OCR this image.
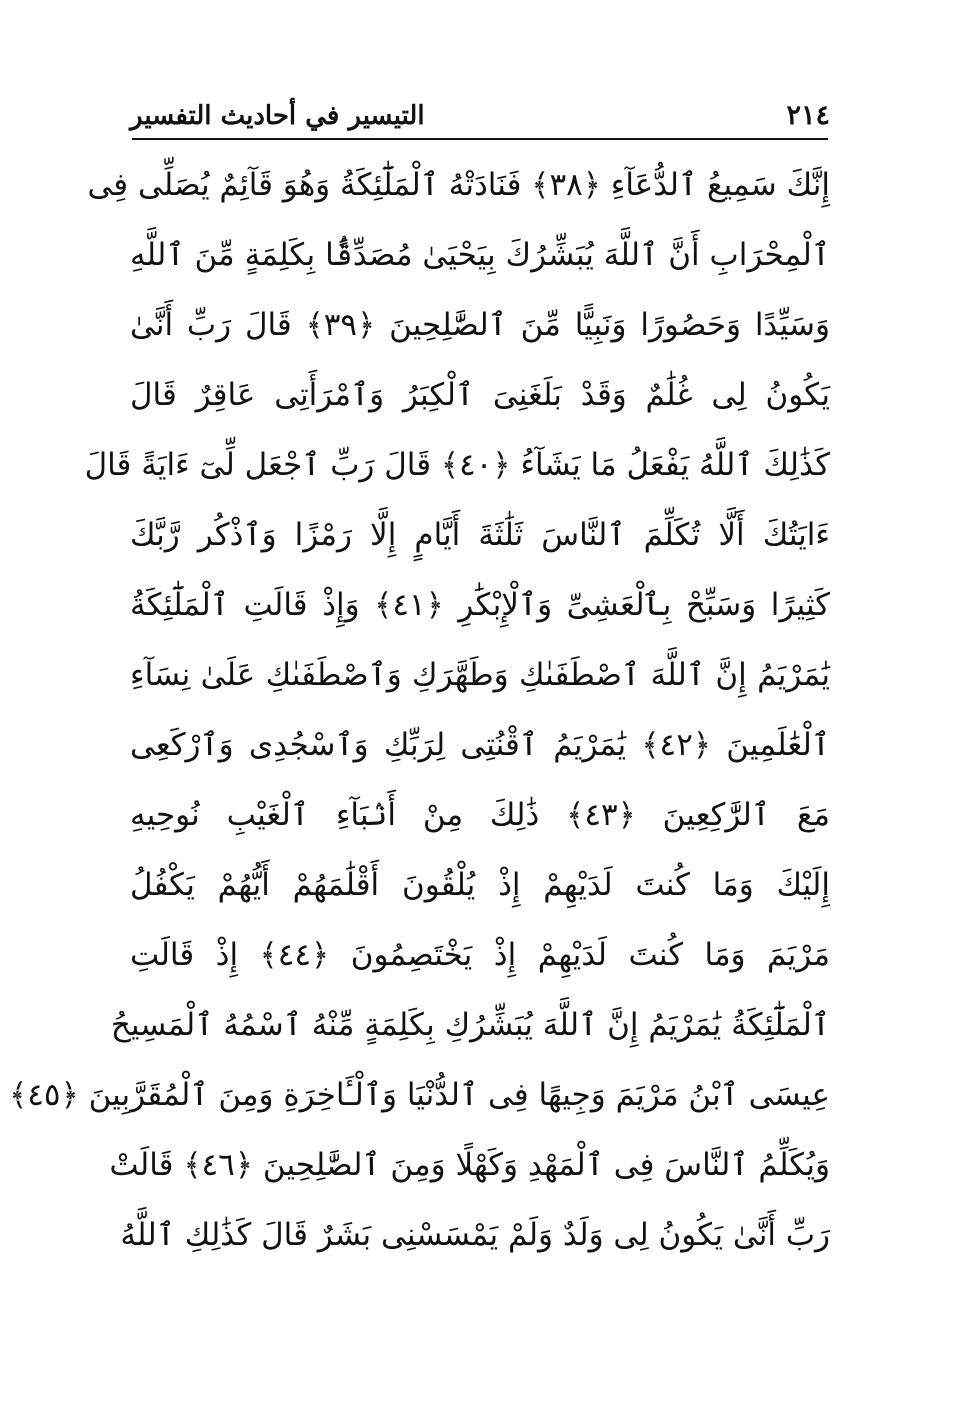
٢١٤
التيسير في أحاديث التفسير
إِنَّكَ سَمِيعُ ٱلدُّعَآءِ ﴿٣٨﴾ فَنَادَتْهُ ٱلْمَلَٰٓئِكَةُ وَهُوَ قَآئِمٌ يُصَلِّى فِى
ٱلْمِحْرَابِ أَنَّ ٱللَّهَ يُبَشِّرُكَ بِيَحْيَىٰ مُصَدِّقًۢا بِكَلِمَةٍ مِّنَ ٱللَّهِ
وَسَيِّدًا وَحَصُورًا وَنَبِيًّا مِّنَ ٱلصَّٰلِحِينَ ﴿٣٩﴾ قَالَ رَبِّ أَنَّىٰ
يَكُونُ لِى غُلَٰمٌ وَقَدْ بَلَغَنِىَ ٱلْكِبَرُ وَٱمْرَأَتِى عَاقِرٌ قَالَ
كَذَٰلِكَ ٱللَّهُ يَفْعَلُ مَا يَشَآءُ ﴿٤٠﴾ قَالَ رَبِّ ٱجْعَل لِّىٓ ءَايَةً قَالَ
ءَايَتُكَ أَلَّا تُكَلِّمَ ٱلنَّاسَ ثَلَٰثَةَ أَيَّامٍ إِلَّا رَمْزًا وَٱذْكُر رَّبَّكَ
كَثِيرًا وَسَبِّحْ بِٱلْعَشِىِّ وَٱلْإِبْكَٰرِ ﴿٤١﴾ وَإِذْ قَالَتِ ٱلْمَلَٰٓئِكَةُ
يَٰمَرْيَمُ إِنَّ ٱللَّهَ ٱصْطَفَىٰكِ وَطَهَّرَكِ وَٱصْطَفَىٰكِ عَلَىٰ نِسَآءِ
ٱلْعَٰلَمِينَ ﴿٤٢﴾ يَٰمَرْيَمُ ٱقْنُتِى لِرَبِّكِ وَٱسْجُدِى وَٱرْكَعِى
مَعَ ٱلرَّٰكِعِينَ ﴿٤٣﴾ ذَٰلِكَ مِنْ أَنۢبَآءِ ٱلْغَيْبِ نُوحِيهِ
إِلَيْكَ وَمَا كُنتَ لَدَيْهِمْ إِذْ يُلْقُونَ أَقْلَٰمَهُمْ أَيُّهُمْ يَكْفُلُ
مَرْيَمَ وَمَا كُنتَ لَدَيْهِمْ إِذْ يَخْتَصِمُونَ ﴿٤٤﴾ إِذْ قَالَتِ
ٱلْمَلَٰٓئِكَةُ يَٰمَرْيَمُ إِنَّ ٱللَّهَ يُبَشِّرُكِ بِكَلِمَةٍ مِّنْهُ ٱسْمُهُ ٱلْمَسِيحُ
عِيسَى ٱبْنُ مَرْيَمَ وَجِيهًا فِى ٱلدُّنْيَا وَٱلْـَٔاخِرَةِ وَمِنَ ٱلْمُقَرَّبِينَ ﴿٤٥﴾
وَيُكَلِّمُ ٱلنَّاسَ فِى ٱلْمَهْدِ وَكَهْلًا وَمِنَ ٱلصَّٰلِحِينَ ﴿٤٦﴾ قَالَتْ
رَبِّ أَنَّىٰ يَكُونُ لِى وَلَدٌ وَلَمْ يَمْسَسْنِى بَشَرٌ قَالَ كَذَٰلِكِ ٱللَّهُ
